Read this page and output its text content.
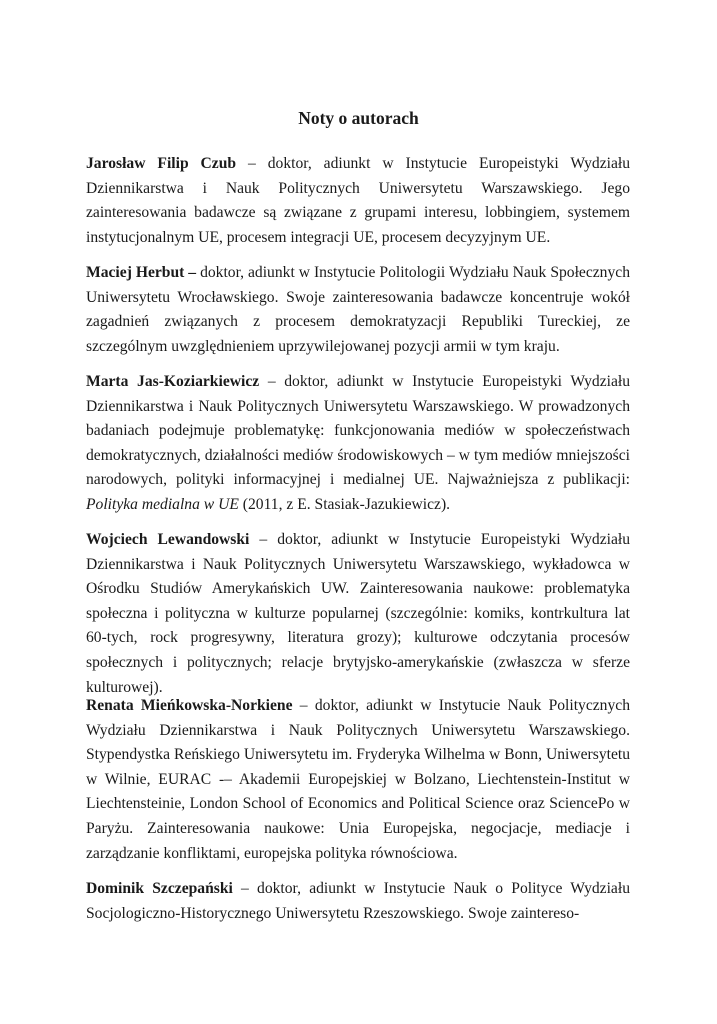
Noty o autorach

Jarosław Filip Czub – doktor, adiunkt w Instytucie Europeistyki Wydziału Dziennikarstwa i Nauk Politycznych Uniwersytetu Warszawskiego. Jego zainteresowania badawcze są związane z grupami interesu, lobbingiem, systemem instytucjonalnym UE, procesem integracji UE, procesem decyzyjnym UE.

Maciej Herbut – doktor, adiunkt w Instytucie Politologii Wydziału Nauk Społecznych Uniwersytetu Wrocławskiego. Swoje zainteresowania badawcze koncentruje wokół zagadnień związanych z procesem demokratyzacji Republiki Tureckiej, ze szczególnym uwzględnieniem uprzywilejowanej pozycji armii w tym kraju.

Marta Jas-Koziarkiewicz – doktor, adiunkt w Instytucie Europeistyki Wydziału Dziennikarstwa i Nauk Politycznych Uniwersytetu Warszawskiego. W prowadzonych badaniach podejmuje problematykę: funkcjonowania mediów w społeczeństwach demokratycznych, działalności mediów środowiskowych – w tym mediów mniejszości narodowych, polityki informacyjnej i medialnej UE. Najważniejsza z publikacji: Polityka medialna w UE (2011, z E. Stasiak-Jazukiewicz).

Wojciech Lewandowski – doktor, adiunkt w Instytucie Europeistyki Wydziału Dziennikarstwa i Nauk Politycznych Uniwersytetu Warszawskiego, wykładowca w Ośrodku Studiów Amerykańskich UW. Zainteresowania naukowe: problematyka społeczna i polityczna w kulturze popularnej (szczególnie: komiks, kontrkultura lat 60-tych, rock progresywny, literatura grozy); kulturowe odczytania procesów społecznych i politycznych; relacje brytyjsko-amerykańskie (zwłaszcza w sferze kulturowej).

Renata Mieńkowska-Norkiene – doktor, adiunkt w Instytucie Nauk Politycznych Wydziału Dziennikarstwa i Nauk Politycznych Uniwersytetu Warszawskiego. Stypendystka Reńskiego Uniwersytetu im. Fryderyka Wilhelma w Bonn, Uniwersytetu w Wilnie, EURAC -– Akademii Europejskiej w Bolzano, Liechtenstein-Institut w Liechtensteinie, London School of Economics and Political Science oraz SciencePo w Paryżu. Zainteresowania naukowe: Unia Europejska, negocjacje, mediacje i zarządzanie konfliktami, europejska polityka równościowa.

Dominik Szczepański – doktor, adiunkt w Instytucie Nauk o Polityce Wydziału Socjologiczno-Historycznego Uniwersytetu Rzeszowskiego. Swoje zaintereso-
